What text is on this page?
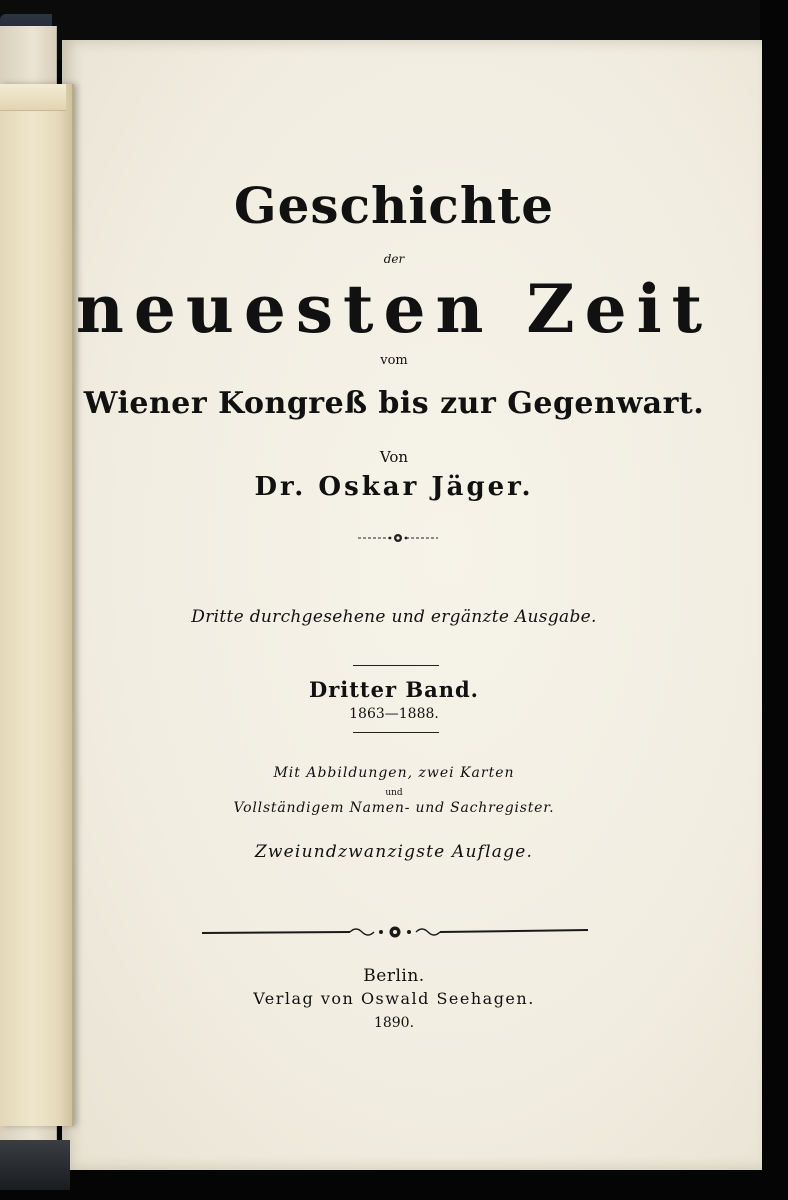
Geschichte
der
neuesten Zeit
vom
Wiener Kongreß bis zur Gegenwart.
Von
Dr. Oskar Jäger.
Dritte durchgesehene und ergänzte Ausgabe.
Dritter Band.
1863—1888.
Mit Abbildungen, zwei Karten
und
Vollständigem Namen- und Sachregister.
Zweiundzwanzigste Auflage.
Berlin.
Verlag von Oswald Seehagen.
1890.
